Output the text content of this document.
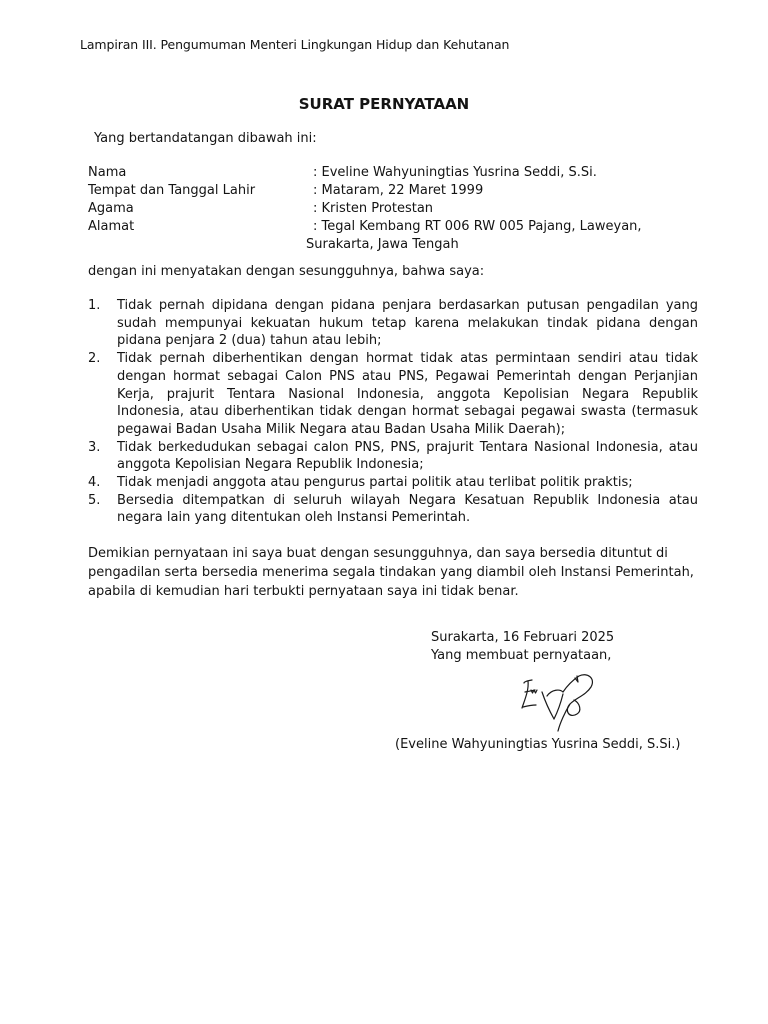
Lampiran III. Pengumuman Menteri Lingkungan Hidup dan Kehutanan
SURAT PERNYATAAN
Yang bertandatangan dibawah ini:
Nama	: Eveline Wahyuningtias Yusrina Seddi, S.Si.
Tempat dan Tanggal Lahir	: Mataram, 22 Maret 1999
Agama	: Kristen Protestan
Alamat	: Tegal Kembang RT 006 RW 005 Pajang, Laweyan,
Surakarta, Jawa Tengah
dengan ini menyatakan dengan sesungguhnya, bahwa saya:
1. Tidak pernah dipidana dengan pidana penjara berdasarkan putusan pengadilan yang
sudah mempunyai kekuatan hukum tetap karena melakukan tindak pidana dengan
pidana penjara 2 (dua) tahun atau lebih;
2. Tidak pernah diberhentikan dengan hormat tidak atas permintaan sendiri atau tidak
dengan hormat sebagai Calon PNS atau PNS, Pegawai Pemerintah dengan Perjanjian
Kerja, prajurit Tentara Nasional Indonesia, anggota Kepolisian Negara Republik
Indonesia, atau diberhentikan tidak dengan hormat sebagai pegawai swasta (termasuk
pegawai Badan Usaha Milik Negara atau Badan Usaha Milik Daerah);
3. Tidak berkedudukan sebagai calon PNS, PNS, prajurit Tentara Nasional Indonesia, atau
anggota Kepolisian Negara Republik Indonesia;
4. Tidak menjadi anggota atau pengurus partai politik atau terlibat politik praktis;
5. Bersedia ditempatkan di seluruh wilayah Negara Kesatuan Republik Indonesia atau
negara lain yang ditentukan oleh Instansi Pemerintah.
Demikian pernyataan ini saya buat dengan sesungguhnya, dan saya bersedia dituntut di pengadilan serta bersedia menerima segala tindakan yang diambil oleh Instansi Pemerintah, apabila di kemudian hari terbukti pernyataan saya ini tidak benar.
Surakarta, 16 Februari 2025
Yang membuat pernyataan,
(Eveline Wahyuningtias Yusrina Seddi, S.Si.)
